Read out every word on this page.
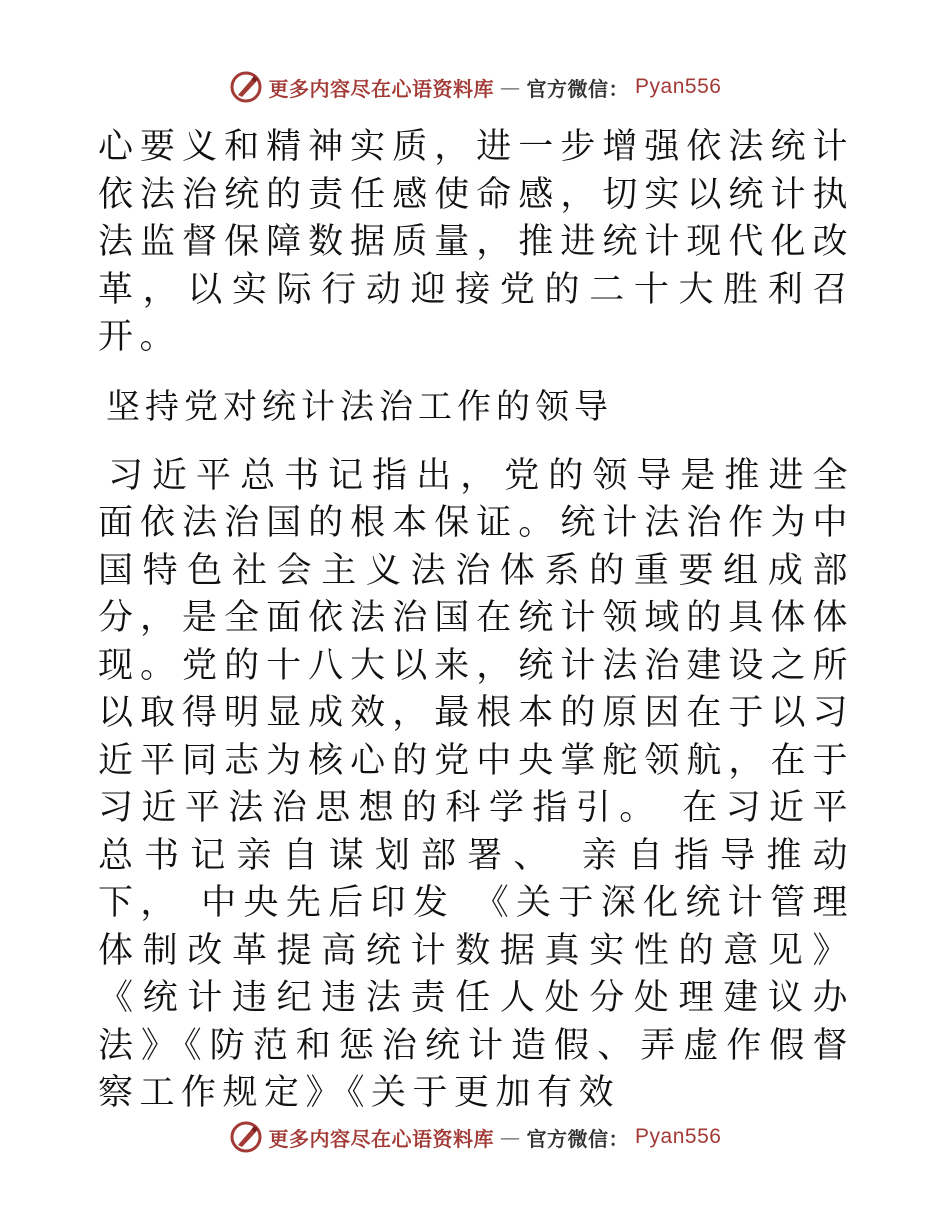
更多内容尽在心语资料库 — 官方微信： Pyan556

心要义和精神实质，进一步增强依法统计依法治统的责任感使命感，切实以统计执法监督保障数据质量，推进统计现代化改革，以实际行动迎接党的二十大胜利召开。

坚持党对统计法治工作的领导

习近平总书记指出，党的领导是推进全面依法治国的根本保证。统计法治作为中国特色社会主义法治体系的重要组成部分，是全面依法治国在统计领域的具体体现。党的十八大以来，统计法治建设之所以取得明显成效，最根本的原因在于以习近平同志为核心的党中央掌舵领航，在于习近平法治思想的科学指引。 在习近平总书记亲自谋划部署、 亲自指导推动下， 中央先后印发 《关于深化统计管理体制改革提高统计数据真实性的意见》《统计违纪违法责任人处分处理建议办法》《防范和惩治统计造假、弄虚作假督察工作规定》《关于更加有效

更多内容尽在心语资料库 — 官方微信： Pyan556
